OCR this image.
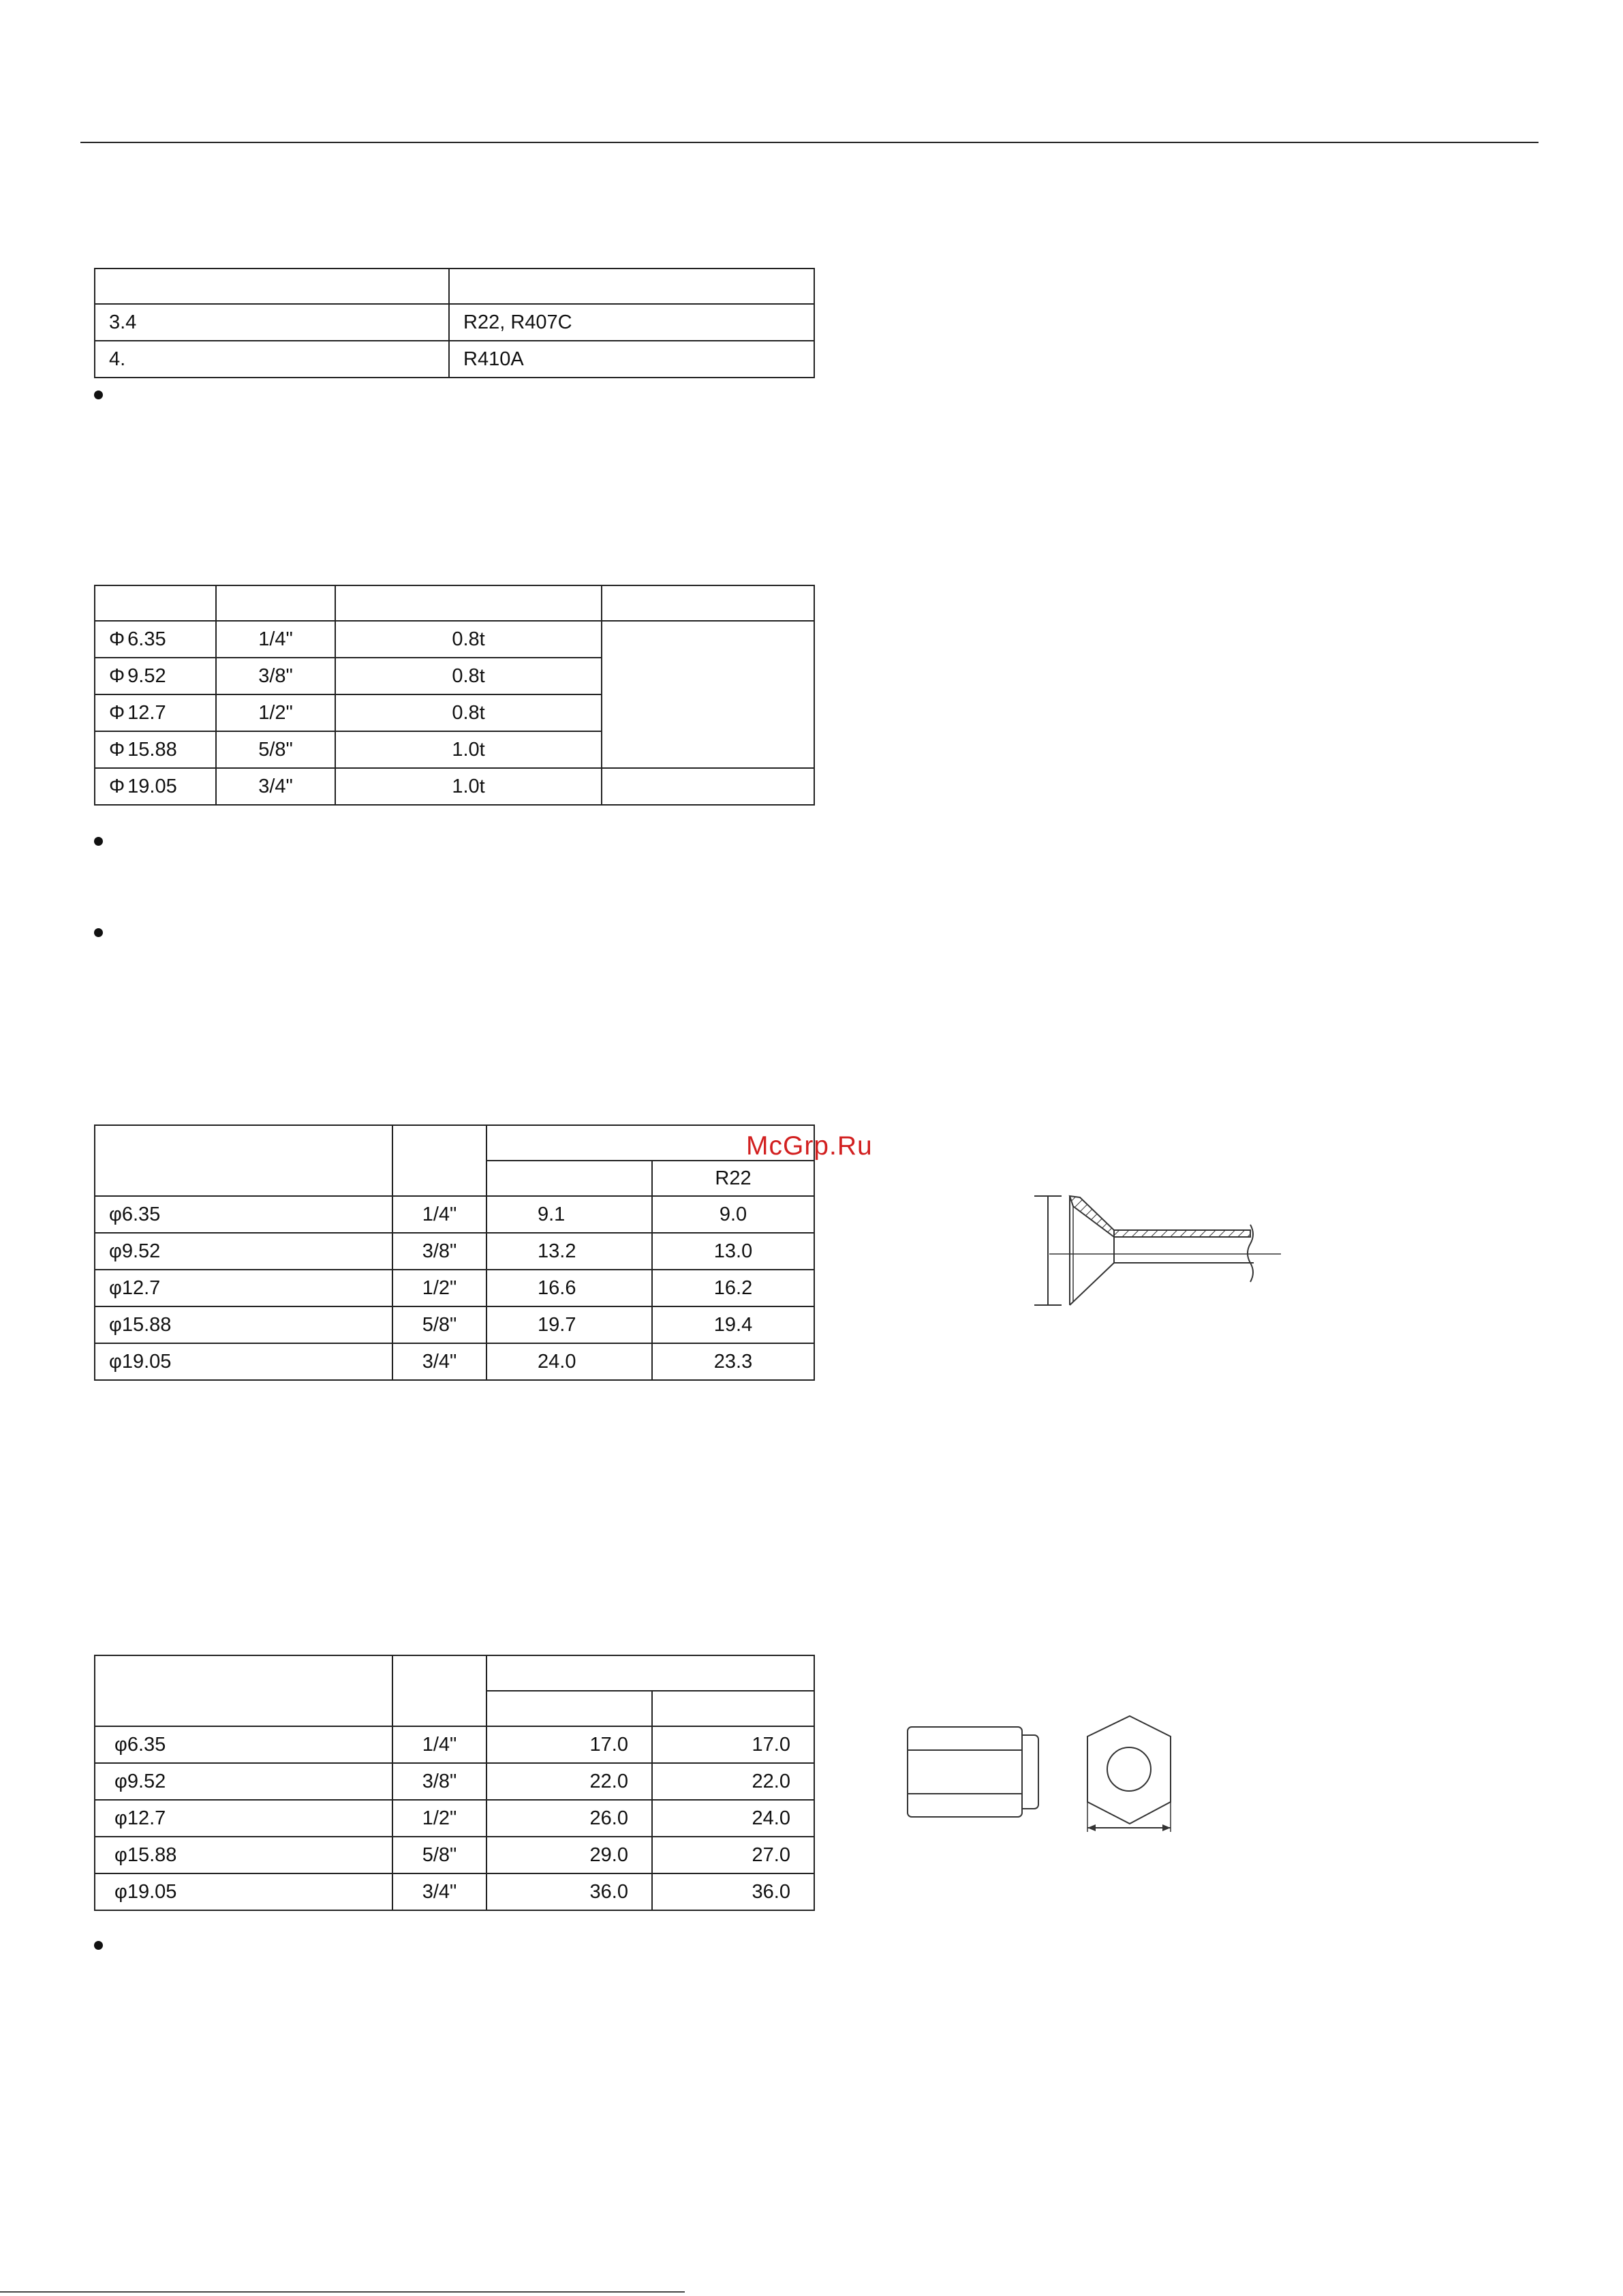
3.4	R22, R407C
4.	R410A

Φ 6.35	1/4"	0.8t	
Φ 9.52	3/8"	0.8t	
Φ 12.7	1/2"	0.8t	
Φ 15.88	5/8"	1.0t	
Φ 19.05	3/4"	1.0t	
McGrp.Ru

			R22
φ6.35	1/4"	9.1	9.0
φ9.52	3/8"	13.2	13.0
φ12.7	1/2"	16.6	16.2
φ15.88	5/8"	19.7	19.4
φ19.05	3/4"	24.0	23.3

φ6.35	1/4"	17.0	17.0
φ9.52	3/8"	22.0	22.0
φ12.7	1/2"	26.0	24.0
φ15.88	5/8"	29.0	27.0
φ19.05	3/4"	36.0	36.0
